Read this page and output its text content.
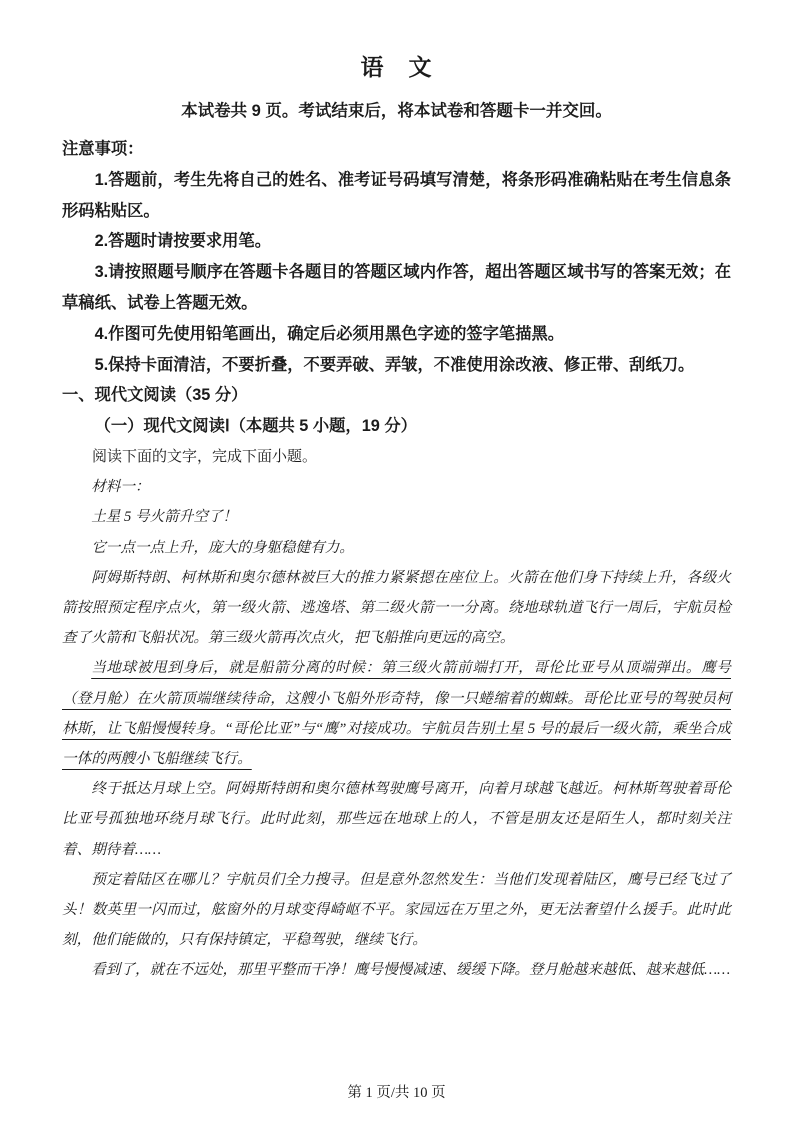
语　文

本试卷共 9 页。考试结束后，将本试卷和答题卡一并交回。

注意事项：

1.答题前，考生先将自己的姓名、准考证号码填写清楚，将条形码准确粘贴在考生信息条形码粘贴区。

2.答题时请按要求用笔。

3.请按照题号顺序在答题卡各题目的答题区域内作答，超出答题区域书写的答案无效；在草稿纸、试卷上答题无效。

4.作图可先使用铅笔画出，确定后必须用黑色字迹的签字笔描黑。

5.保持卡面清洁，不要折叠，不要弄破、弄皱，不准使用涂改液、修正带、刮纸刀。

一、现代文阅读（35 分）

（一）现代文阅读Ⅰ（本题共 5 小题，19 分）

阅读下面的文字，完成下面小题。

材料一：

土星 5 号火箭升空了！

它一点一点上升，庞大的身躯稳健有力。

阿姆斯特朗、柯林斯和奥尔德林被巨大的推力紧紧摁在座位上。火箭在他们身下持续上升，各级火箭按照预定程序点火，第一级火箭、逃逸塔、第二级火箭一一分离。绕地球轨道飞行一周后，宇航员检查了火箭和飞船状况。第三级火箭再次点火，把飞船推向更远的高空。

当地球被甩到身后，就是船箭分离的时候：第三级火箭前端打开，哥伦比亚号从顶端弹出。鹰号（登月舱）在火箭顶端继续待命，这艘小飞船外形奇特，像一只蜷缩着的蜘蛛。哥伦比亚号的驾驶员柯林斯，让飞船慢慢转身。“哥伦比亚”与“鹰”对接成功。宇航员告别土星 5 号的最后一级火箭，乘坐合成一体的两艘小飞船继续飞行。

终于抵达月球上空。阿姆斯特朗和奥尔德林驾驶鹰号离开，向着月球越飞越近。柯林斯驾驶着哥伦比亚号孤独地环绕月球飞行。此时此刻，那些远在地球上的人，不管是朋友还是陌生人，都时刻关注着、期待着……

预定着陆区在哪儿？宇航员们全力搜寻。但是意外忽然发生：当他们发现着陆区，鹰号已经飞过了头！数英里一闪而过，舷窗外的月球变得崎岖不平。家园远在万里之外，更无法奢望什么援手。此时此刻，他们能做的，只有保持镇定，平稳驾驶，继续飞行。

看到了，就在不远处，那里平整而干净！鹰号慢慢减速、缓缓下降。登月舱越来越低、越来越低……

第 1 页/共 10 页
